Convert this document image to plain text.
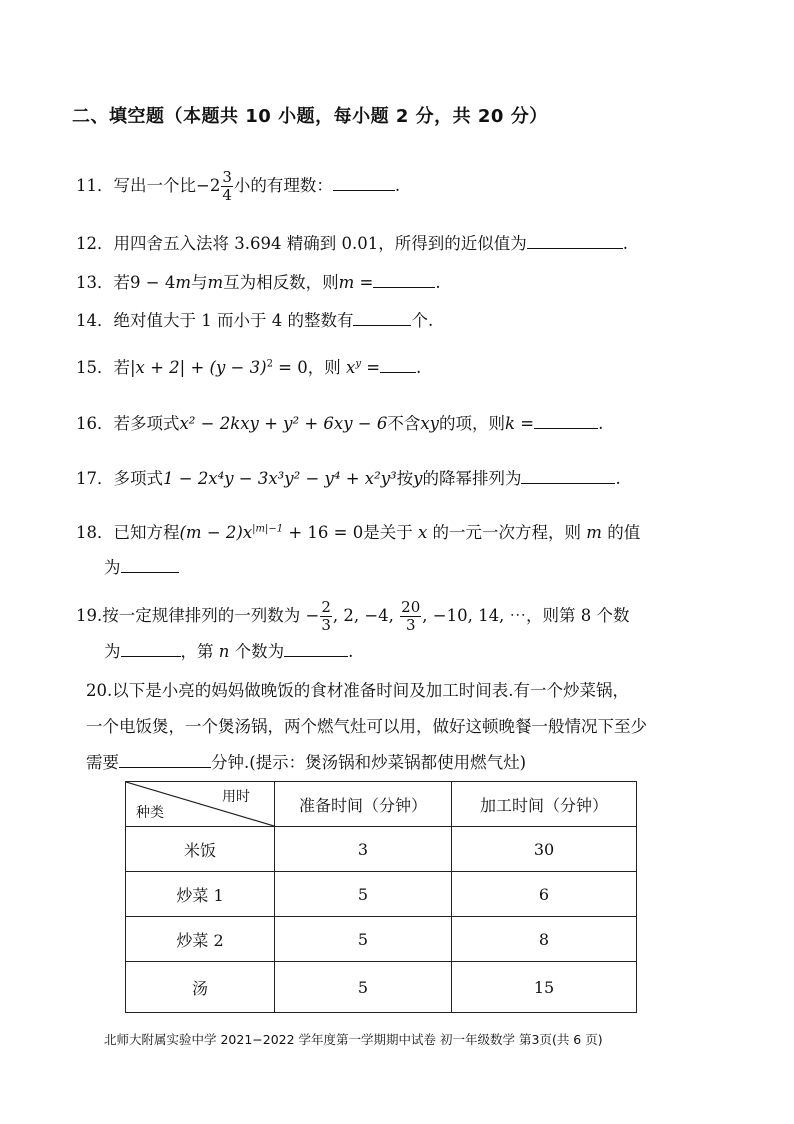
二、填空题（本题共 10 小题，每小题 2 分，共 20 分）
11．写出一个比$-2 \frac{3}{4}$ 小的有理数：	.
12．用四舍五入法将 3.694 精确到 0.01，所得到的近似值为	.
13．若9 − 4m与m互为相反数，则m =	.
14．绝对值大于 1 而小于 4 的整数有	个.
15．若$|x + 2| + (y - 3)^2 = 0$，则 $x^y$ = .
16．若多项式x² − 2kxy + y² + 6xy − 6不含xy的项，则k =	.
17．多项式1 − 2x⁴y − 3x³y² − y⁴ + x²y³按y的降幂排列为	.
18．已知方程$(m - 2)x^{|m|-1} + 16 = 0$是关于 x 的一元一次方程，则 m 的值
为
19.按一定规律排列的一列数为 − $\frac{2}{3}$ , 2, −4, $\frac{20}{3}$ , −10, 14, ⋯，则第 8 个数
为	，第 n 个数为	.
20.以下是小亮的妈妈做晚饭的食材准备时间及加工时间表.有一个炒菜锅，
一个电饭煲，一个煲汤锅，两个燃气灶可以用，做好这顿晚餐一般情况下至少
需要	分钟.(提示：煲汤锅和炒菜锅都使用燃气灶)
用时
种类	准备时间（分钟）	加工时间（分钟）
米饭	3	30
炒菜 1	5	6
炒菜 2	5	8
汤	5	15
北师大附属实验中学 2021−2022 学年度第一学期期中试卷 初一年级数学 第3页(共 6 页)
